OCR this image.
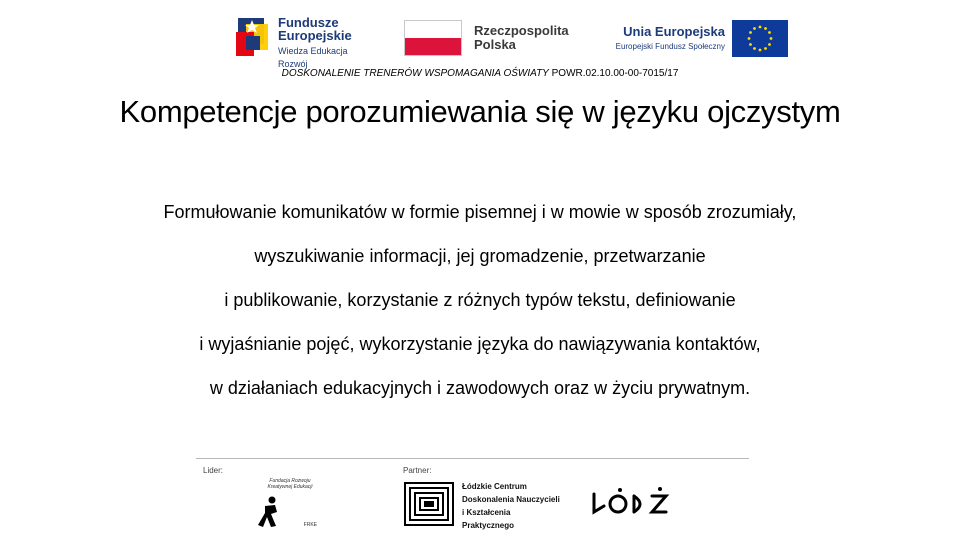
Fundusze
Europejskie
Wiedza Edukacja Rozwój
Rzeczpospolita
Polska
Unia Europejska
Europejski Fundusz Społeczny
DOSKONALENIE TRENERÓW WSPOMAGANIA OŚWIATY POWR.02.10.00-00-7015/17
Kompetencje porozumiewania się w języku ojczystym
Formułowanie komunikatów w formie pisemnej i w mowie w sposób zrozumiały,
wyszukiwanie informacji, jej gromadzenie, przetwarzanie
i publikowanie, korzystanie z różnych typów tekstu, definiowanie
i wyjaśnianie pojęć, wykorzystanie języka do nawiązywania kontaktów,
w działaniach edukacyjnych i zawodowych oraz w życiu prywatnym.
Lider:	Partner:
Fundacja Rozwoju Kreatywnej Edukacji
FRKE
Łódzkie Centrum
Doskonalenia Nauczycieli
i Kształcenia Praktycznego
